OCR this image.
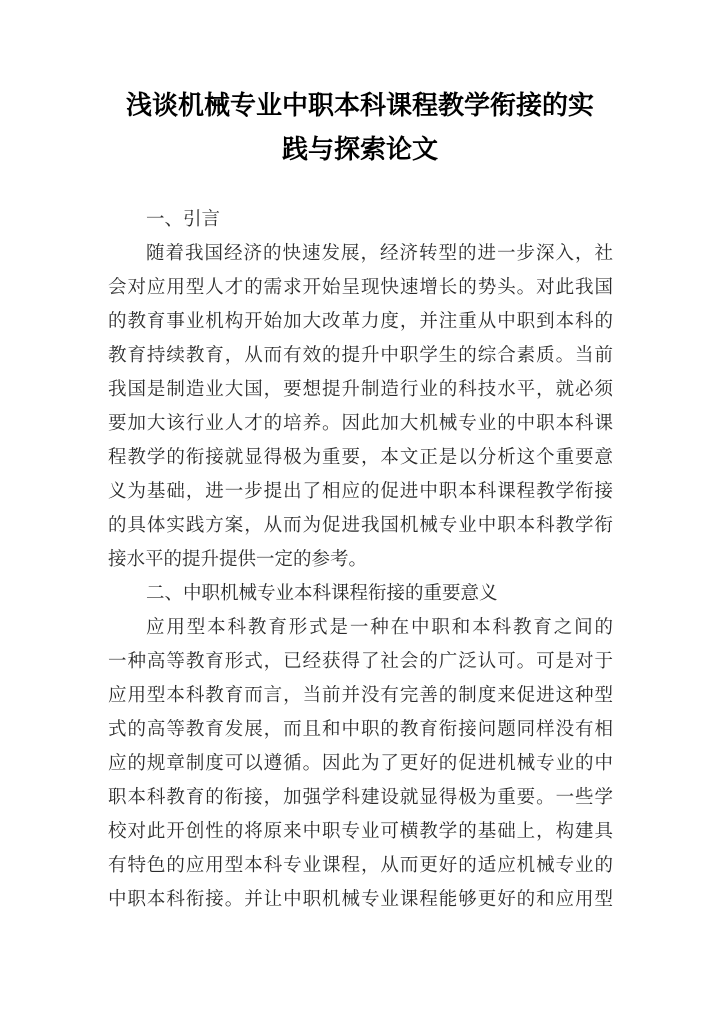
浅谈机械专业中职本科课程教学衔接的实
践与探索论文
一、引言
随着我国经济的快速发展，经济转型的进一步深入，社
会对应用型人才的需求开始呈现快速增长的势头。对此我国
的教育事业机构开始加大改革力度，并注重从中职到本科的
教育持续教育，从而有效的提升中职学生的综合素质。当前
我国是制造业大国，要想提升制造行业的科技水平，就必须
要加大该行业人才的培养。因此加大机械专业的中职本科课
程教学的衔接就显得极为重要，本文正是以分析这个重要意
义为基础，进一步提出了相应的促进中职本科课程教学衔接
的具体实践方案，从而为促进我国机械专业中职本科教学衔
接水平的提升提供一定的参考。
二、中职机械专业本科课程衔接的重要意义
应用型本科教育形式是一种在中职和本科教育之间的
一种高等教育形式，已经获得了社会的广泛认可。可是对于
应用型本科教育而言，当前并没有完善的制度来促进这种型
式的高等教育发展，而且和中职的教育衔接问题同样没有相
应的规章制度可以遵循。因此为了更好的促进机械专业的中
职本科教育的衔接，加强学科建设就显得极为重要。一些学
校对此开创性的将原来中职专业可横教学的基础上，构建具
有特色的应用型本科专业课程，从而更好的适应机械专业的
中职本科衔接。并让中职机械专业课程能够更好的和应用型
